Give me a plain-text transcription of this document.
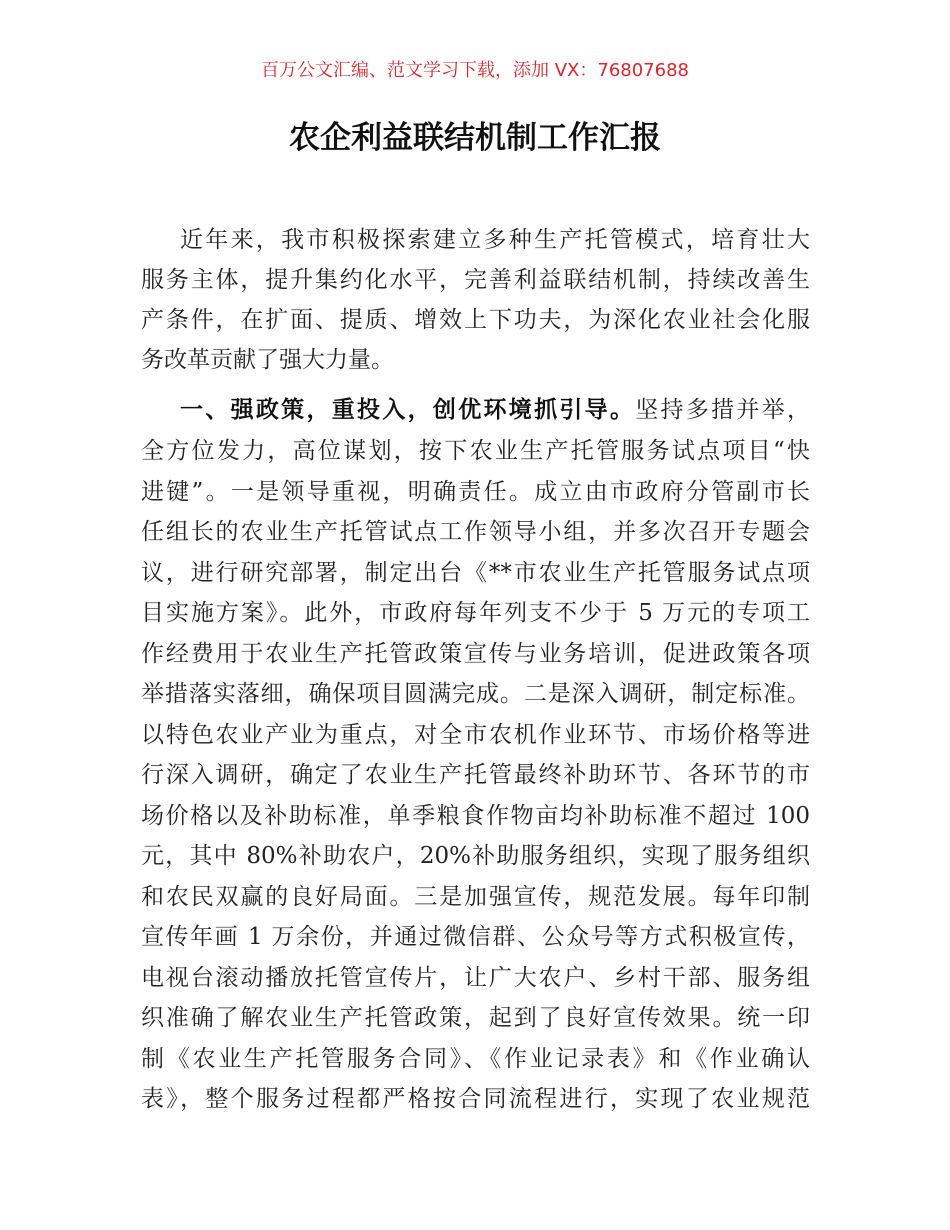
百万公文汇编、范文学习下载，添加 VX：76807688
农企利益联结机制工作汇报
近年来，我市积极探索建立多种生产托管模式，培育壮大
服务主体，提升集约化水平，完善利益联结机制，持续改善生
产条件，在扩面、提质、增效上下功夫，为深化农业社会化服
务改革贡献了强大力量。
一、强政策，重投入，创优环境抓引导。坚持多措并举，
全方位发力，高位谋划，按下农业生产托管服务试点项目“快
进键”。一是领导重视，明确责任。成立由市政府分管副市长
任组长的农业生产托管试点工作领导小组，并多次召开专题会
议，进行研究部署，制定出台《**市农业生产托管服务试点项
目实施方案》。此外，市政府每年列支不少于 5 万元的专项工
作经费用于农业生产托管政策宣传与业务培训，促进政策各项
举措落实落细，确保项目圆满完成。二是深入调研，制定标准。
以特色农业产业为重点，对全市农机作业环节、市场价格等进
行深入调研，确定了农业生产托管最终补助环节、各环节的市
场价格以及补助标准，单季粮食作物亩均补助标准不超过 100
元，其中 80%补助农户，20%补助服务组织，实现了服务组织
和农民双赢的良好局面。三是加强宣传，规范发展。每年印制
宣传年画 1 万余份，并通过微信群、公众号等方式积极宣传，
电视台滚动播放托管宣传片，让广大农户、乡村干部、服务组
织准确了解农业生产托管政策，起到了良好宣传效果。统一印
制《农业生产托管服务合同》、《作业记录表》和《作业确认
表》，整个服务过程都严格按合同流程进行，实现了农业规范
